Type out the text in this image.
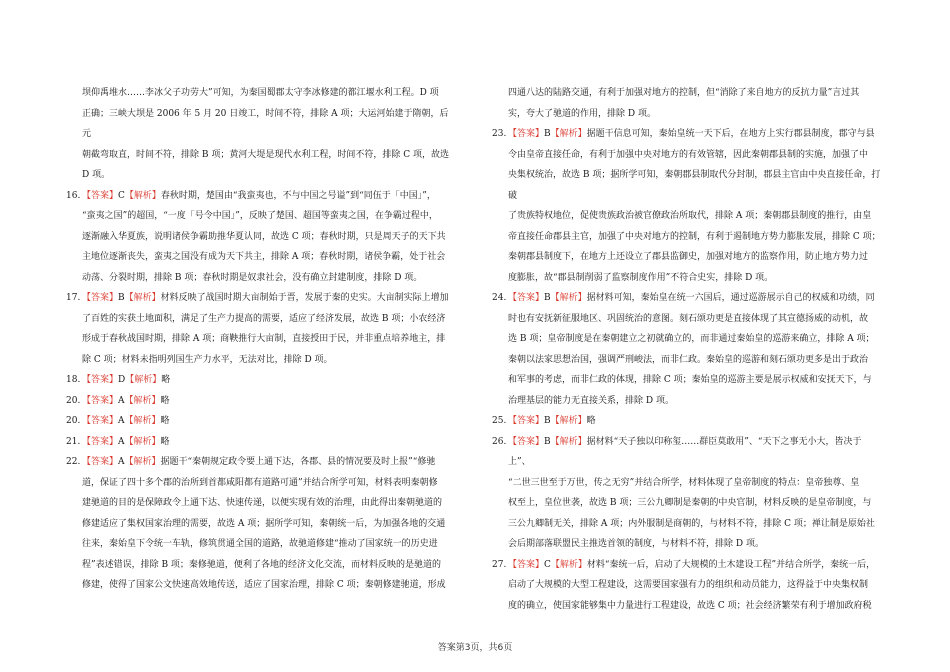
坝仰禹堆水……李冰父子功劳大”可知，为秦国蜀郡太守李冰修建的都江堰水利工程。D 项
正确；三峡大坝是 2006 年 5 月 20 日竣工，时间不符，排除 A 项；大运河始建于隋朝，后元
朝截弯取直，时间不符，排除 B 项；黄河大堤是现代水利工程，时间不符，排除 C 项，故选
D 项。
16. 【答案】C【解析】春秋时期，楚国由“我蛮夷也，不与中国之号谥”到“同伍于「中国」”，
“蛮夷之国”的超国，“一度「号令中国」”，反映了楚国、超国等蛮夷之国，在争霸过程中，
逐渐融入华夏族，说明诸侯争霸助推华夏认同，故选 C 项；春秋时期，只是周天子的天下共
主地位逐渐丧失，蛮夷之国没有成为天下共主，排除 A 项；春秋时期，诸侯争霸，处于社会
动荡、分裂时期，排除 B 项；春秋时期是奴隶社会，没有确立封建制度，排除 D 项。
17. 【答案】B【解析】材料反映了战国时期大亩制始于晋，发展于秦的史实。大亩制实际上增加
了百姓的实获土地面积，满足了生产力提高的需要，适应了经济发展，故选 B 项；小农经济
形成于春秋战国时期，排除 A 项；商鞅推行大亩制，直接授田于民，并非重点培养地主，排
除 C 项；材料未指明列国生产力水平，无法对比，排除 D 项。
18. 【答案】D【解析】略
20. 【答案】A【解析】略
20. 【答案】A【解析】略
21. 【答案】A【解析】略
22. 【答案】A【解析】据题干“秦朝规定政令要上通下达，各郡、县的情况要及时上报”“修驰
道，保证了四十多个郡的治所到首都咸阳都有道路可通”并结合所学可知，材料表明秦朝修
建驰道的目的是保障政令上通下达、快速传递，以便实现有效的治理，由此得出秦朝驰道的
修建适应了集权国家治理的需要，故选 A 项；据所学可知，秦朝统一后，为加强各地的交通
往来，秦始皇下令统一车轨，修筑贯通全国的道路，故驰道修建“推动了国家统一的历史进
程”表述错误，排除 B 项；秦修驰道，便利了各地的经济文化交流，而材料反映的是驰道的
修建，使得了国家公文快速高效地传送，适应了国家治理，排除 C 项；秦朝修建驰道，形成
四通八达的陆路交通，有利于加强对地方的控制，但“消除了来自地方的反抗力量”言过其
实，夸大了驰道的作用，排除 D 项。
23. 【答案】B【解析】据题干信息可知，秦始皇统一天下后，在地方上实行郡县制度，郡守与县
令由皇帝直接任命，有利于加强中央对地方的有效管辖，因此秦朝郡县制的实施，加强了中
央集权统治，故选 B 项；据所学可知，秦朝郡县制取代分封制，郡县主官由中央直接任命，打破
了贵族特权地位，促使贵族政治被官僚政治所取代，排除 A 项；秦朝郡县制度的推行，由皇
帝直接任命郡县主官，加强了中央对地方的控制，有利于遏制地方势力膨胀发展，排除 C 项；
秦朝郡县制度下，在地方上还设立了郡县监御史，加强对地方的监察作用，防止地方势力过
度膨胀，故“郡县制削弱了监察制度作用”不符合史实，排除 D 项。
24. 【答案】B【解析】据材料可知，秦始皇在统一六国后，通过巡游展示自己的权威和功绩，同
时也有安抚新征服地区、巩固统治的意图。刻石颂功更是直接体现了其宣德扬威的动机，故
选 B 项；皇帝制度是在秦朝建立之初就确立的，而非通过秦始皇的巡游来确立，排除 A 项；
秦朝以法家思想治国，强调严刑峻法，而非仁政。秦始皇的巡游和刻石颂功更多是出于政治
和军事的考虑，而非仁政的体现，排除 C 项；秦始皇的巡游主要是展示权威和安抚天下，与
治理基层的能力无直接关系，排除 D 项。
25. 【答案】B【解析】略
26. 【答案】B【解析】据材料“天子独以印称玺……群臣莫敢用”、“天下之事无小大，皆决于上”、
“二世三世至于万世，传之无穷”并结合所学，材料体现了皇帝制度的特点：皇帝独尊、皇
权至上，皇位世袭，故选 B 项；三公九卿制是秦朝的中央官制，材料反映的是皇帝制度，与
三公九卿制无关，排除 A 项；内外服制是商朝的，与材料不符，排除 C 项；禅让制是原始社
会后期部落联盟民主推选首领的制度，与材料不符，排除 D 项。
27. 【答案】C【解析】材料“秦统一后，启动了大规模的土木建设工程”并结合所学，秦统一后，
启动了大规模的大型工程建设，这需要国家强有力的组织和动员能力，这得益于中央集权制
度的确立，使国家能够集中力量进行工程建设，故选 C 项；社会经济繁荣有利于增加政府税
答案第3页，共6页
